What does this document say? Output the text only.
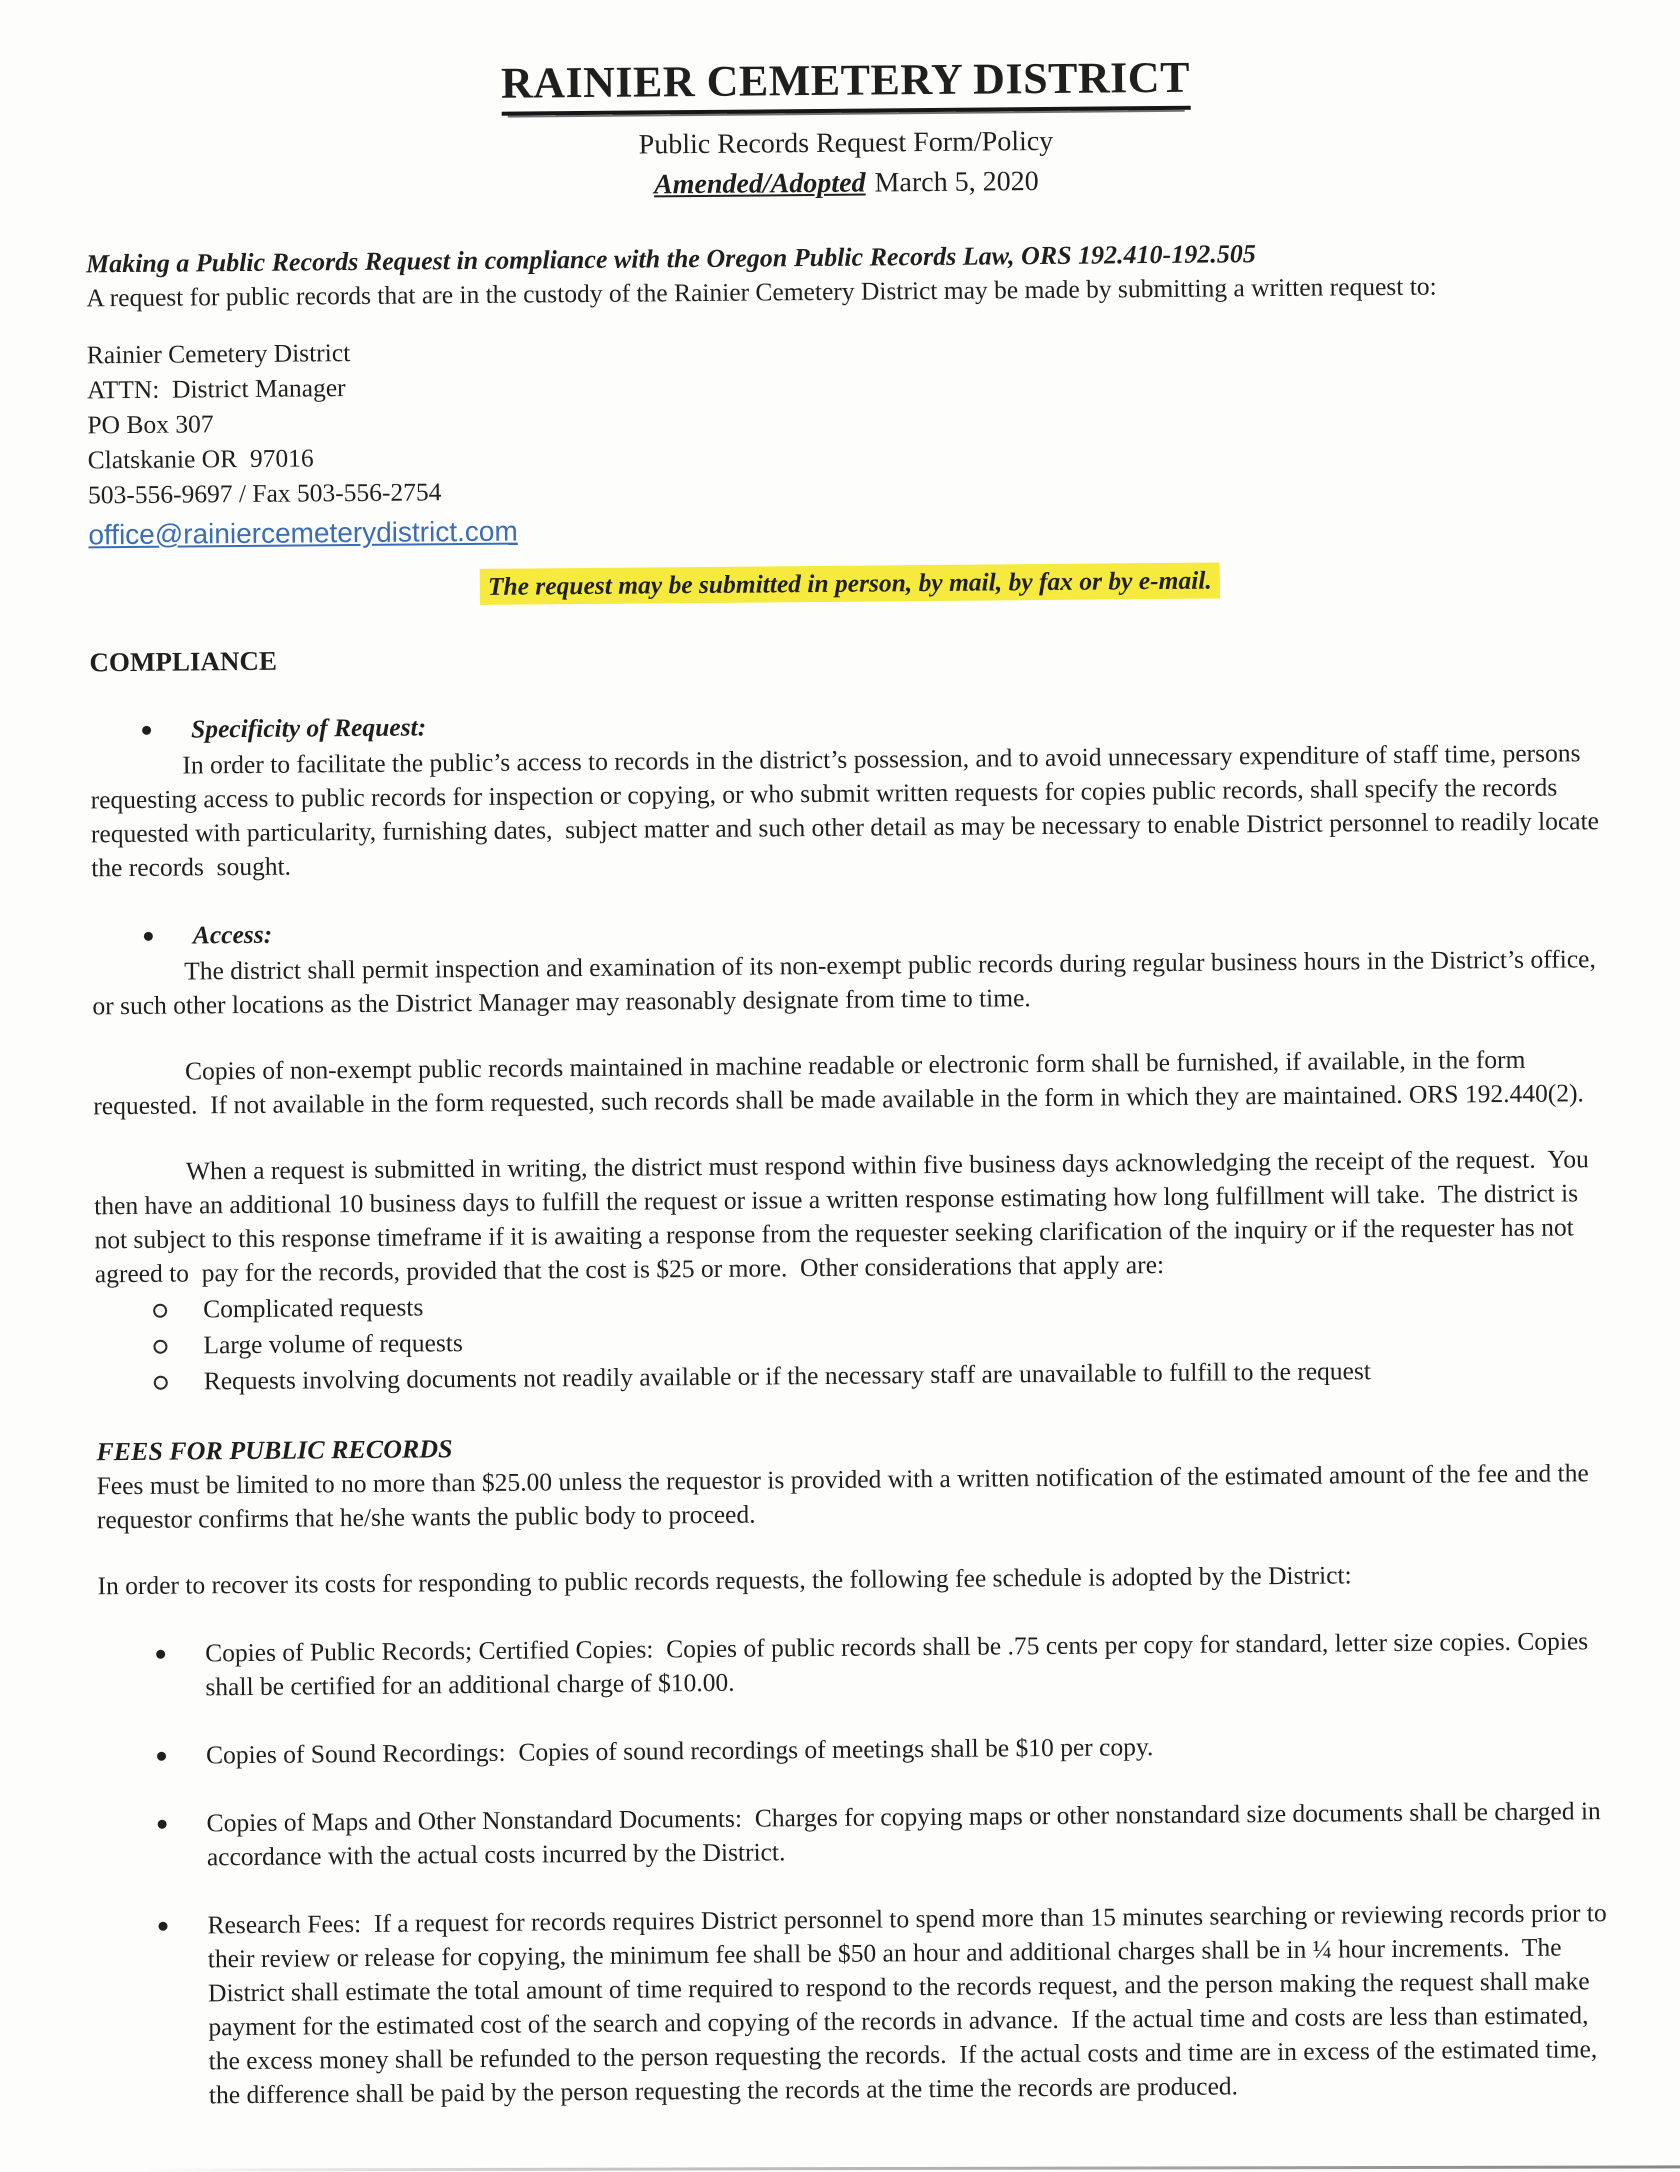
RAINIER CEMETERY DISTRICT
Public Records Request Form/Policy
Amended/Adopted March 5, 2020

Making a Public Records Request in compliance with the Oregon Public Records Law, ORS 192.410-192.505

A request for public records that are in the custody of the Rainier Cemetery District may be made by submitting a written request to:

Rainier Cemetery District
ATTN:  District Manager
PO Box 307
Clatskanie OR  97016
503-556-9697 / Fax 503-556-2754
office@rainiercemeterydistrict.com
The request may be submitted in person, by mail, by fax or by e-mail.
COMPLIANCE
Specificity of Request:

In order to facilitate the public’s access to records in the district’s possession, and to avoid unnecessary expenditure of staff time, persons requesting access to public records for inspection or copying, or who submit written requests for copies public records, shall specify the records requested with particularity, furnishing dates,  subject matter and such other detail as may be necessary to enable District personnel to readily locate the records  sought.

Access:

The district shall permit inspection and examination of its non-exempt public records during regular business hours in the District’s office, or such other locations as the District Manager may reasonably designate from time to time.

Copies of non-exempt public records maintained in machine readable or electronic form shall be furnished, if available, in the form requested.  If not available in the form requested, such records shall be made available in the form in which they are maintained. ORS 192.440(2).

When a request is submitted in writing, the district must respond within five business days acknowledging the receipt of the request.  You then have an additional 10 business days to fulfill the request or issue a written response estimating how long fulfillment will take.  The district is not subject to this response timeframe if it is awaiting a response from the requester seeking clarification of the inquiry or if the requester has not agreed to  pay for the records, provided that the cost is $25 or more.  Other considerations that apply are:

Complicated requests
Large volume of requests
Requests involving documents not readily available or if the necessary staff are unavailable to fulfill to the request
FEES FOR PUBLIC RECORDS

Fees must be limited to no more than $25.00 unless the requestor is provided with a written notification of the estimated amount of the fee and the requestor confirms that he/she wants the public body to proceed.

In order to recover its costs for responding to public records requests, the following fee schedule is adopted by the District:

Copies of Public Records; Certified Copies:  Copies of public records shall be .75 cents per copy for standard, letter size copies. Copies shall be certified for an additional charge of $10.00.
Copies of Sound Recordings:  Copies of sound recordings of meetings shall be $10 per copy.
Copies of Maps and Other Nonstandard Documents:  Charges for copying maps or other nonstandard size documents shall be charged in accordance with the actual costs incurred by the District.
Research Fees:  If a request for records requires District personnel to spend more than 15 minutes searching or reviewing records prior to their review or release for copying, the minimum fee shall be $50 an hour and additional charges shall be in ¼ hour increments.  The District shall estimate the total amount of time required to respond to the records request, and the person making the request shall make payment for the estimated cost of the search and copying of the records in advance.  If the actual time and costs are less than estimated, the excess money shall be refunded to the person requesting the records.  If the actual costs and time are in excess of the estimated time, the difference shall be paid by the person requesting the records at the time the records are produced.
